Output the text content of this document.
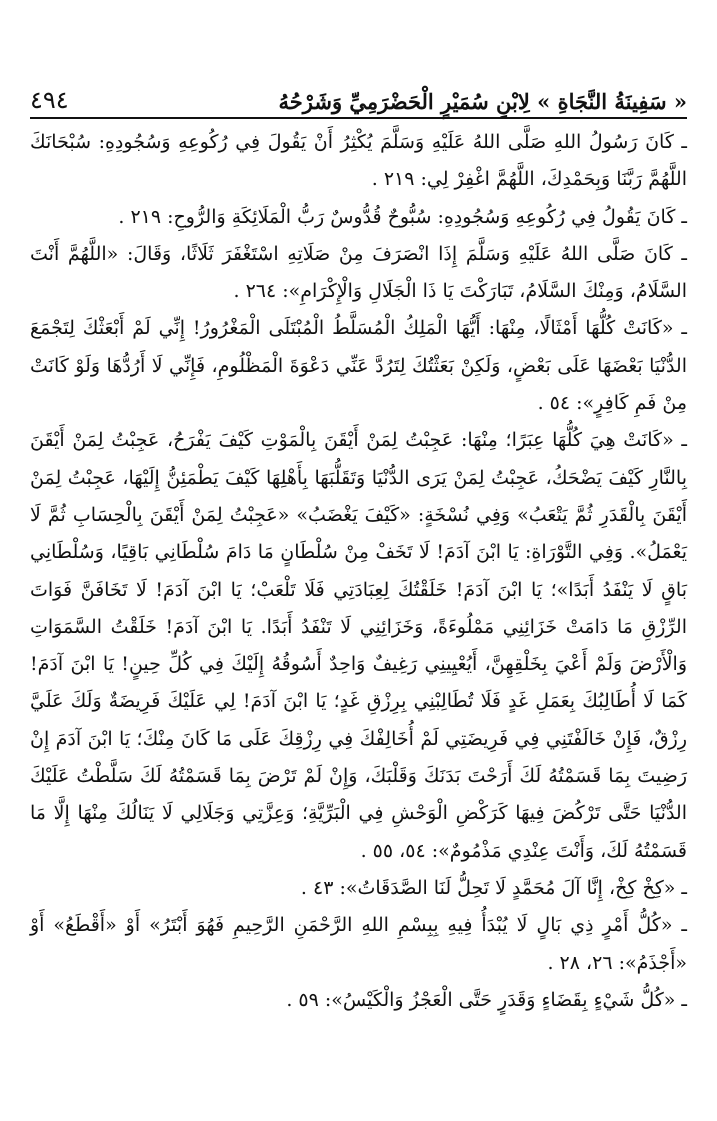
٤٩٤	« سَفِينَةُ النَّجَاةِ » لِابْنِ سُمَيْرٍ الْحَضْرَمِيِّ وَشَرْحُهُ

ـ كَانَ رَسُولُ اللهِ صَلَّى اللهُ عَلَيْهِ وَسَلَّمَ يُكْثِرُ أَنْ يَقُولَ فِي رُكُوعِهِ وَسُجُودِهِ: سُبْحَانَكَ اللَّهُمَّ رَبَّنَا وَبِحَمْدِكَ، اللَّهُمَّ اغْفِرْ لِي: ٢١٩ .

ـ كَانَ يَقُولُ فِي رُكُوعِهِ وَسُجُودِهِ: سُبُّوحٌ قُدُّوسٌ رَبُّ الْمَلَائِكَةِ وَالرُّوحِ: ٢١٩ .

ـ كَانَ صَلَّى اللهُ عَلَيْهِ وَسَلَّمَ إِذَا انْصَرَفَ مِنْ صَلَاتِهِ اسْتَغْفَرَ ثَلَاثًا، وَقَالَ: «اللَّهُمَّ أَنْتَ السَّلَامُ، وَمِنْكَ السَّلَامُ، تَبَارَكْتَ يَا ذَا الْجَلَالِ وَالْإِكْرَامِ»: ٢٦٤ .

ـ «كَانَتْ كُلُّهَا أَمْثَالًا، مِنْهَا: أَيُّهَا الْمَلِكُ الْمُسَلَّطُ الْمُبْتَلَى الْمَغْرُورُ! إِنِّي لَمْ أَبْعَثْكَ لِتَجْمَعَ الدُّنْيَا بَعْضَهَا عَلَى بَعْضٍ، وَلَكِنْ بَعَثْتُكَ لِتَرُدَّ عَنِّي دَعْوَةَ الْمَظْلُومِ، فَإِنِّي لَا أَرُدُّهَا وَلَوْ كَانَتْ مِنْ فَمِ كَافِرٍ»: ٥٤ .

ـ «كَانَتْ هِيَ كُلُّهَا عِبَرًا؛ مِنْهَا: عَجِبْتُ لِمَنْ أَيْقَنَ بِالْمَوْتِ كَيْفَ يَفْرَحُ، عَجِبْتُ لِمَنْ أَيْقَنَ بِالنَّارِ كَيْفَ يَضْحَكُ، عَجِبْتُ لِمَنْ يَرَى الدُّنْيَا وَتَقَلُّبَهَا بِأَهْلِهَا كَيْفَ يَطْمَئِنُّ إِلَيْهَا، عَجِبْتُ لِمَنْ أَيْقَنَ بِالْقَدَرِ ثُمَّ يَتْعَبُ» وَفِي نُسْخَةٍ: «كَيْفَ يَغْضَبُ» «عَجِبْتُ لِمَنْ أَيْقَنَ بِالْحِسَابِ ثُمَّ لَا يَعْمَلُ». وَفِي التَّوْرَاةِ: يَا ابْنَ آدَمَ! لَا تَخَفْ مِنْ سُلْطَانٍ مَا دَامَ سُلْطَانِي بَاقِيًا، وَسُلْطَانِي بَاقٍ لَا يَنْفَدُ أَبَدًا»؛ يَا ابْنَ آدَمَ! خَلَقْتُكَ لِعِبَادَتِي فَلَا تَلْعَبْ؛ يَا ابْنَ آدَمَ! لَا تَخَافَنَّ فَوَاتَ الرِّزْقِ مَا دَامَتْ خَزَائِنِي مَمْلُوءَةً، وَخَزَائِنِي لَا تَنْفَدُ أَبَدًا. يَا ابْنَ آدَمَ! خَلَقْتُ السَّمَوَاتِ وَالْأَرْضَ وَلَمْ أَعْيَ بِخَلْقِهِنَّ، أَيُعْيِينِي رَغِيفٌ وَاحِدٌ أَسُوقُهُ إِلَيْكَ فِي كُلِّ حِينٍ! يَا ابْنَ آدَمَ! كَمَا لَا أُطَالِبُكَ بِعَمَلِ غَدٍ فَلَا تُطَالِبْنِي بِرِزْقِ غَدٍ؛ يَا ابْنَ آدَمَ! لِي عَلَيْكَ فَرِيضَةٌ وَلَكَ عَلَيَّ رِزْقٌ، فَإِنْ خَالَفْتَنِي فِي فَرِيضَتِي لَمْ أُخَالِفْكَ فِي رِزْقِكَ عَلَى مَا كَانَ مِنْكَ؛ يَا ابْنَ آدَمَ إِنْ رَضِيتَ بِمَا قَسَمْتُهُ لَكَ أَرَحْتَ بَدَنَكَ وَقَلْبَكَ، وَإِنْ لَمْ تَرْضَ بِمَا قَسَمْتُهُ لَكَ سَلَّطْتُ عَلَيْكَ الدُّنْيَا حَتَّى تَرْكُضَ فِيهَا كَرَكْضِ الْوَحْشِ فِي الْبَرِّيَّةِ؛ وَعِزَّتِي وَجَلَالِي لَا يَنَالُكَ مِنْهَا إِلَّا مَا قَسَمْتُهُ لَكَ، وَأَنْتَ عِنْدِي مَذْمُومٌ»: ٥٤، ٥٥ .

ـ «كِخْ كِخْ، إِنَّا آلَ مُحَمَّدٍ لَا تَحِلُّ لَنَا الصَّدَقَاتُ»: ٤٣ .

ـ «كُلُّ أَمْرٍ ذِي بَالٍ لَا يُبْدَأُ فِيهِ بِبِسْمِ اللهِ الرَّحْمَنِ الرَّحِيمِ فَهُوَ أَبْتَرُ» أَوْ «أَقْطَعُ» أَوْ «أَجْذَمُ»: ٢٦، ٢٨ .

ـ «كُلُّ شَيْءٍ بِقَضَاءٍ وَقَدَرٍ حَتَّى الْعَجْزُ وَالْكَيْسُ»: ٥٩ .
